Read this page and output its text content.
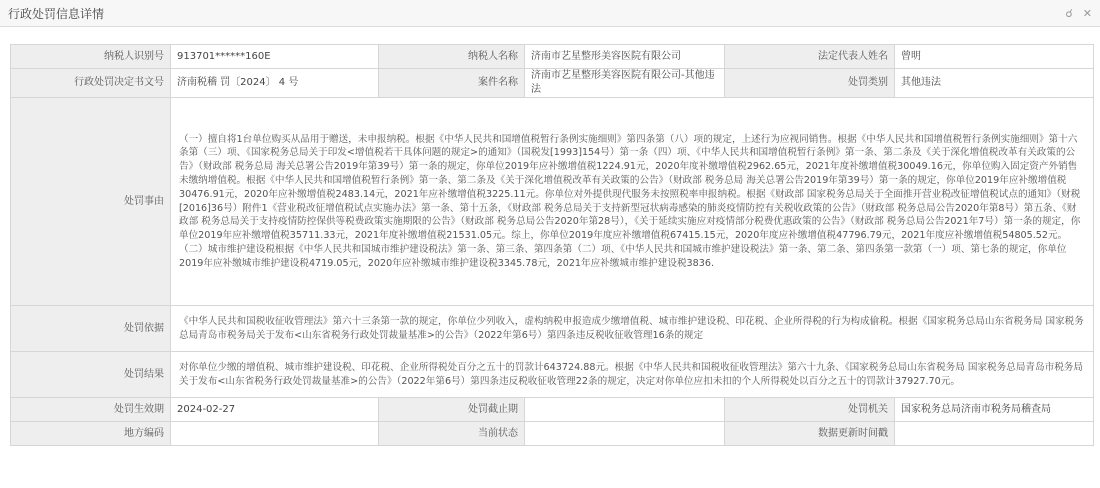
行政处罚信息详情	☌ ✕
纳税人识别号	913701******160E	纳税人名称	济南市艺星整形美容医院有限公司	法定代表人姓名	曾明
行政处罚决定书文号	济南税稽 罚〔2024〕 4 号	案件名称	济南市艺星整形美容医院有限公司-其他违法	处罚类别	其他违法
处罚事由	（一）擅自将1台单位购买从品用于赠送，未申报纳税。根据《中华人民共和国增值税暂行条例实施细则》第四条第（八）项的规定，上述行为应视同销售。根据《中华人民共和国增值税暂行条例实施细则》第十六条第（三）项、《国家税务总局关于印发<增值税若干具体问题的规定>的通知》（国税发[1993]154号）第一条（四）项、《中华人民共和国增值税暂行条例》第一条、第二条及《关于深化增值税改革有关政策的公告》（财政部 税务总局 海关总署公告2019年第39号）第一条的规定，你单位2019年应补缴增值税1224.91元，2020年度补缴增值税2962.65元，2021年度补缴增值税30049.16元，你单位购入固定资产外销售未缴纳增值税。根据《中华人民共和国增值税暂行条例》第一条、第二条及《关于深化增值税改革有关政策的公告》（财政部 税务总局 海关总署公告2019年第39号）第一条的规定，你单位2019年应补缴增值税30476.91元，2020年应补缴增值税2483.14元，2021年应补缴增值税3225.11元。你单位对外提供现代服务未按照税率申报纳税。根据《财政部 国家税务总局关于全面推开营业税改征增值税试点的通知》（财税[2016]36号）附件1《营业税改征增值税试点实施办法》第一条、第十五条，《财政部 税务总局关于支持新型冠状病毒感染的肺炎疫情防控有关税收政策的公告》（财政部 税务总局公告2020年第8号）第五条、《财政部 税务总局关于支持疫情防控保供等税费政策实施期限的公告》（财政部 税务总局公告2020年第28号），《关于延续实施应对疫情部分税费优惠政策的公告》（财政部 税务总局公告2021年7号）第一条的规定，你单位2019年应补缴增值税35711.33元，2021年度补缴增值税21531.05元。综上，你单位2019年度应补缴增值税67415.15元，2020年度应补缴增值税47796.79元，2021年度应补缴增值税54805.52元。（二）城市维护建设税根据《中华人民共和国城市维护建设税法》第一条、第三条、第四条第（二）项、《中华人民共和国城市维护建设税法》第一条、第二条、第四条第一款第（一）项、第七条的规定，你单位2019年应补缴城市维护建设税4719.05元，2020年应补缴城市维护建设税3345.78元，2021年应补缴城市维护建设税3836.				
处罚依据	《中华人民共和国税收征收管理法》第六十三条第一款的规定，你单位少列收入，虚构纳税申报造成少缴增值税、城市维护建设税、印花税、企业所得税的行为构成偷税。根据《国家税务总局山东省税务局 国家税务总局青岛市税务局关于发布<山东省税务行政处罚裁量基准>的公告》（2022年第6号）第四条违反税收征收管理16条的规定				
处罚结果	对你单位少缴的增值税、城市维护建设税、印花税、企业所得税处百分之五十的罚款计643724.88元。根据《中华人民共和国税收征收管理法》第六十九条、《国家税务总局山东省税务局 国家税务总局青岛市税务局关于发布<山东省税务行政处罚裁量基准>的公告》（2022年第6号）第四条违反税收征收管理22条的规定，决定对你单位应扣未扣的个人所得税处以百分之五十的罚款计37927.70元。				
处罚生效期	2024-02-27	处罚截止期		处罚机关	国家税务总局济南市税务局稽查局
地方编码		当前状态		数据更新时间戳	
